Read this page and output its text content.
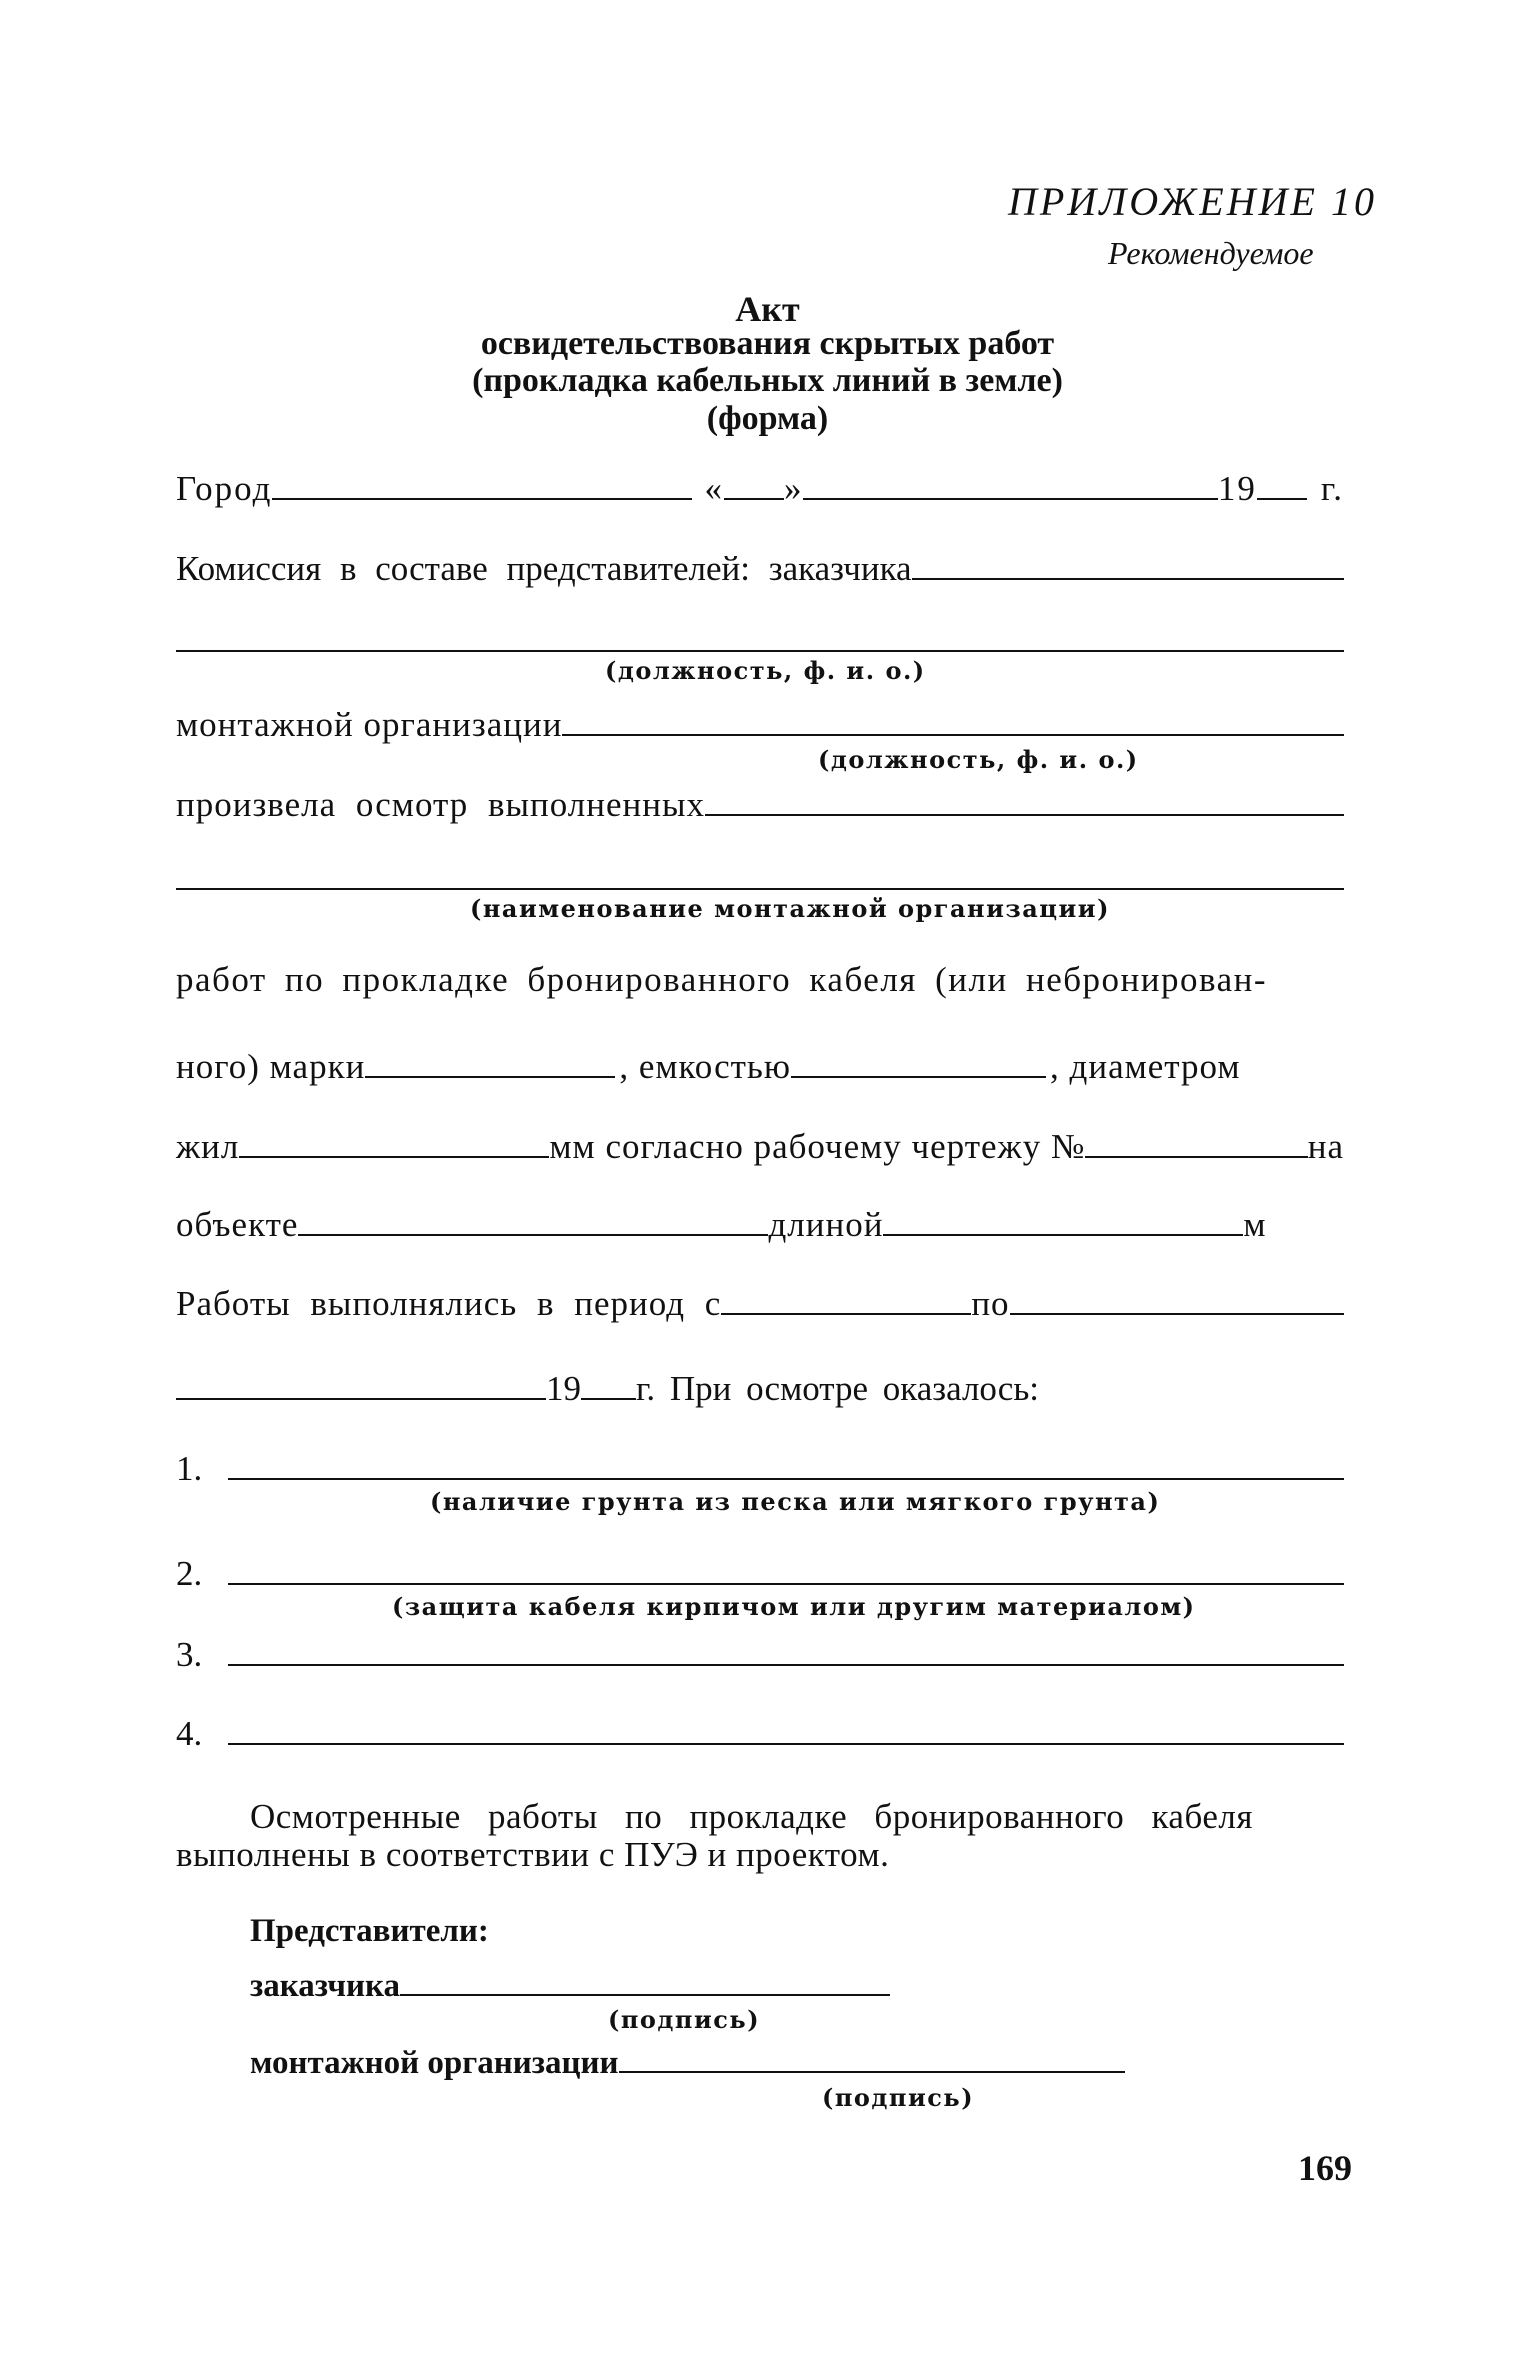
ПРИЛОЖЕНИЕ 10
Рекомендуемое
Акт
освидетельствования скрытых работ
(прокладка кабельных линий в земле)
(форма)
Город	« »	19 г.
Комиссия в составе представителей: заказчика
(должность, ф. и. о.)
монтажной организации
(должность, ф. и. о.)
произвела осмотр выполненных
(наименование монтажной организации)
работ по прокладке бронированного кабеля (или небронирован-
ного) марки	, емкостью	, диаметром
жил	мм согласно рабочему чертежу №	на
объекте	длиной	м
Работы выполнялись в период с	по
19 г. При осмотре оказалось:
1.
(наличие грунта из песка или мягкого грунта)
2.
(защита кабеля кирпичом или другим материалом)
3.
4.
Осмотренные работы по прокладке бронированного кабеля
выполнены в соответствии с ПУЭ и проектом.
Представители:
заказчика
(подпись)
монтажной организации
(подпись)
169
